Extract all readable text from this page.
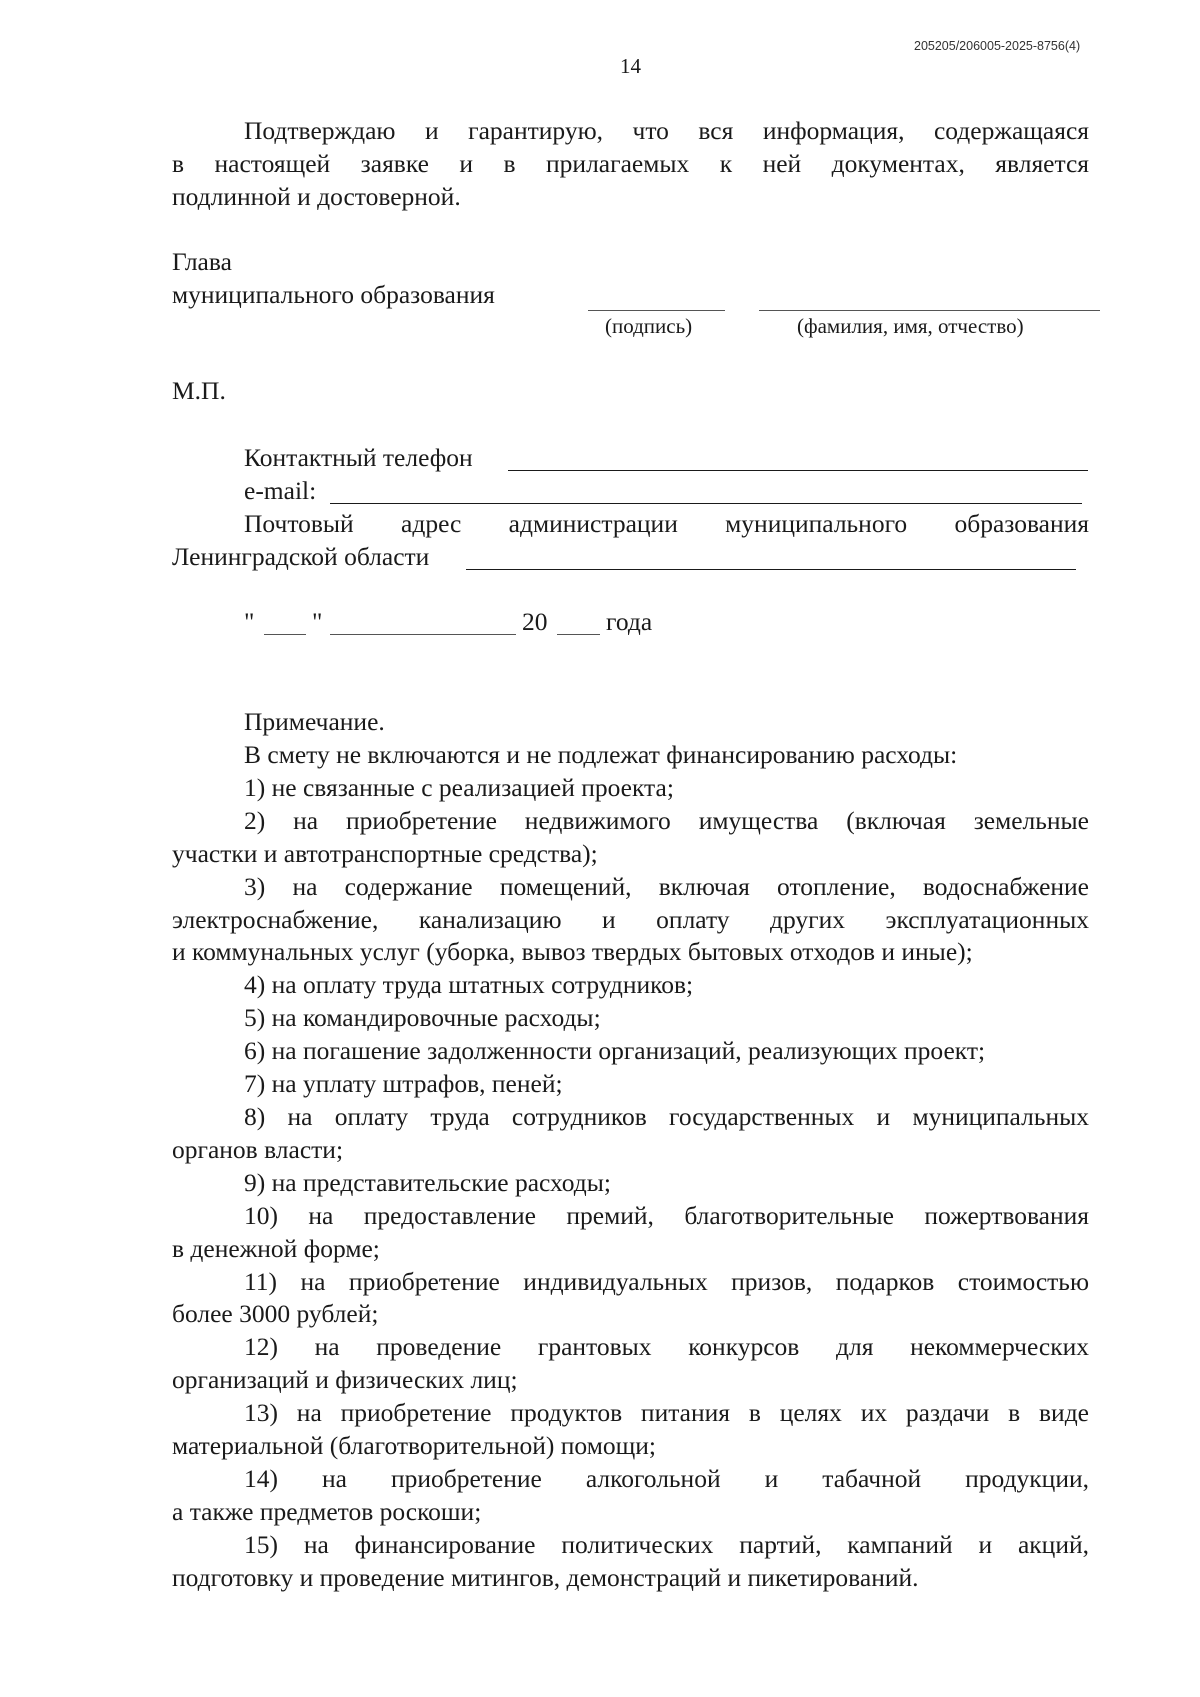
205205/206005-2025-8756(4)
14
Подтверждаю и гарантирую, что вся информация, содержащаяся
в настоящей заявке и в прилагаемых к ней документах, является
подлинной и достоверной.
Глава
муниципального образования
(подпись)	(фамилия, имя, отчество)
М.П.
Контактный телефон
e-mail:
Почтовый адрес администрации муниципального образования
Ленинградской области
" "	20 года
Примечание.
В смету не включаются и не подлежат финансированию расходы:
1) не связанные с реализацией проекта;
2) на приобретение недвижимого имущества (включая земельные
участки и автотранспортные средства);
3) на содержание помещений, включая отопление, водоснабжение
электроснабжение, канализацию и оплату других эксплуатационных
и коммунальных услуг (уборка, вывоз твердых бытовых отходов и иные);
4) на оплату труда штатных сотрудников;
5) на командировочные расходы;
6) на погашение задолженности организаций, реализующих проект;
7) на уплату штрафов, пеней;
8) на оплату труда сотрудников государственных и муниципальных
органов власти;
9) на представительские расходы;
10) на предоставление премий, благотворительные пожертвования
в денежной форме;
11) на приобретение индивидуальных призов, подарков стоимостью
более 3000 рублей;
12) на проведение грантовых конкурсов для некоммерческих
организаций и физических лиц;
13) на приобретение продуктов питания в целях их раздачи в виде
материальной (благотворительной) помощи;
14) на приобретение алкогольной и табачной продукции,
а также предметов роскоши;
15) на финансирование политических партий, кампаний и акций,
подготовку и проведение митингов, демонстраций и пикетирований.
